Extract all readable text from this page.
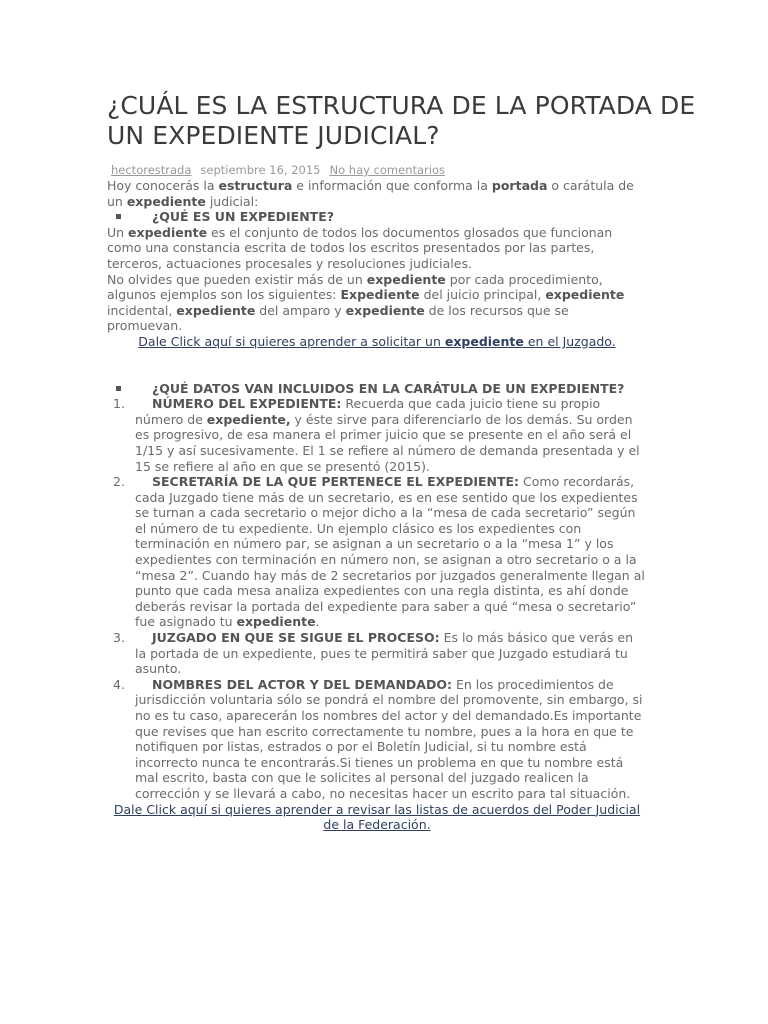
¿CUÁL ES LA ESTRUCTURA DE LA PORTADA DE UN EXPEDIENTE JUDICIAL?
hectorestrada septiembre 16, 2015 No hay comentarios

Hoy conocerás la estructura e información que conforma la portada o carátula de un expediente judicial:

¿QUÉ ES UN EXPEDIENTE?

Un expediente es el conjunto de todos los documentos glosados que funcionan como una constancia escrita de todos los escritos presentados por las partes, terceros, actuaciones procesales y resoluciones judiciales.

No olvides que pueden existir más de un expediente por cada procedimiento, algunos ejemplos son los siguientes: Expediente del juicio principal, expediente incidental, expediente del amparo y expediente de los recursos que se promuevan.

Dale Click aquí si quieres aprender a solicitar un expediente en el Juzgado.

¿QUÉ DATOS VAN INCLUIDOS EN LA CARÁTULA DE UN EXPEDIENTE?

1. NÚMERO DEL EXPEDIENTE: Recuerda que cada juicio tiene su propio número de expediente, y éste sirve para diferenciarlo de los demás. Su orden es progresivo, de esa manera el primer juicio que se presente en el año será el 1/15 y así sucesivamente. El 1 se refiere al número de demanda presentada y el 15 se refiere al año en que se presentó (2015).
2. SECRETARÍA DE LA QUE PERTENECE EL EXPEDIENTE: Como recordarás, cada Juzgado tiene más de un secretario, es en ese sentido que los expedientes se turnan a cada secretario o mejor dicho a la “mesa de cada secretario” según el número de tu expediente. Un ejemplo clásico es los expedientes con terminación en número par, se asignan a un secretario o a la “mesa 1” y los expedientes con terminación en número non, se asignan a otro secretario o a la “mesa 2”. Cuando hay más de 2 secretarios por juzgados generalmente llegan al punto que cada mesa analiza expedientes con una regla distinta, es ahí donde deberás revisar la portada del expediente para saber a qué “mesa o secretario” fue asignado tu expediente.
3. JUZGADO EN QUE SE SIGUE EL PROCESO: Es lo más básico que verás en la portada de un expediente, pues te permitirá saber que Juzgado estudiará tu asunto.
4. NOMBRES DEL ACTOR Y DEL DEMANDADO: En los procedimientos de jurisdicción voluntaria sólo se pondrá el nombre del promovente, sin embargo, si no es tu caso, aparecerán los nombres del actor y del demandado.Es importante que revises que han escrito correctamente tu nombre, pues a la hora en que te notifiquen por listas, estrados o por el Boletín Judicial, si tu nombre está incorrecto nunca te encontrarás.Si tienes un problema en que tu nombre está mal escrito, basta con que le solicites al personal del juzgado realicen la corrección y se llevará a cabo, no necesitas hacer un escrito para tal situación.

Dale Click aquí si quieres aprender a revisar las listas de acuerdos del Poder Judicial de la Federación.
